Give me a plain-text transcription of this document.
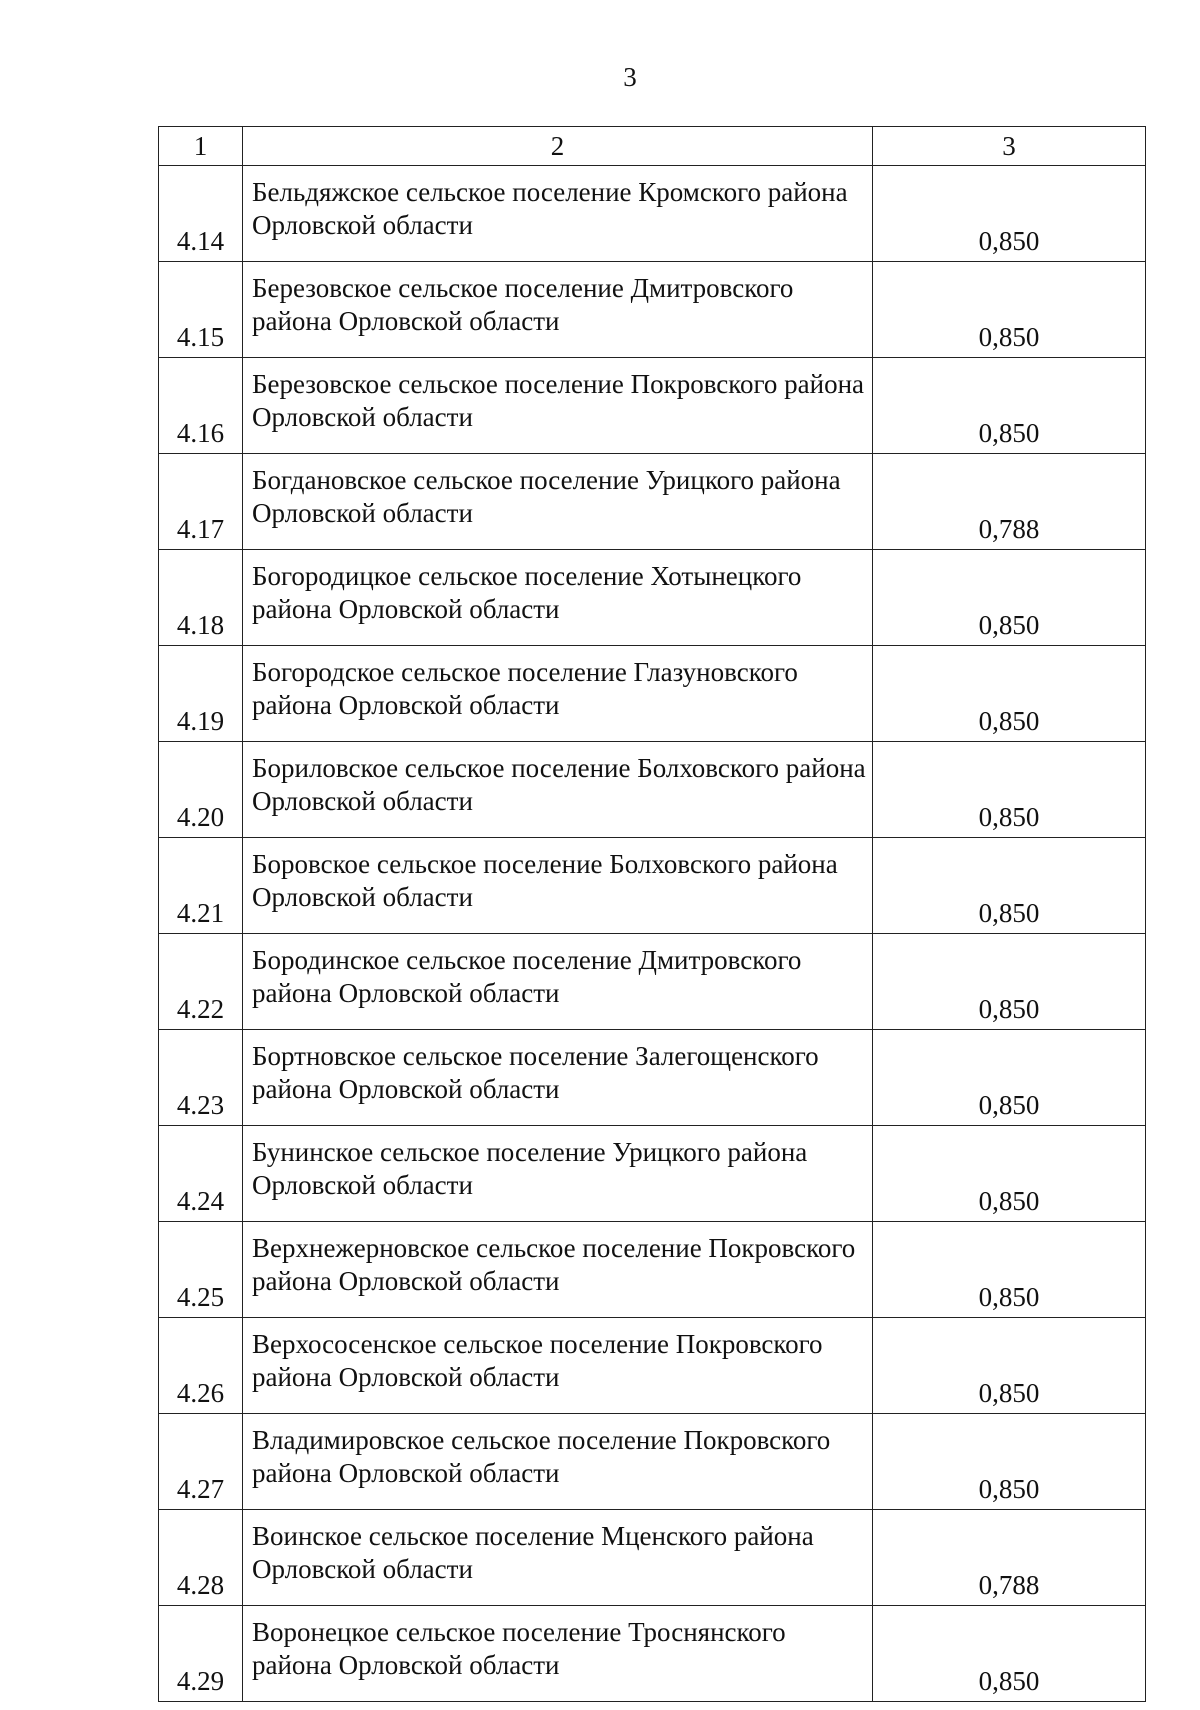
3
1	2	3
4.14	Бельдяжское сельское поселение Кромского района Орловской области	0,850
4.15	Березовское сельское поселение Дмитровского района Орловской области	0,850
4.16	Березовское сельское поселение Покровского района Орловской области	0,850
4.17	Богдановское сельское поселение Урицкого района Орловской области	0,788
4.18	Богородицкое сельское поселение Хотынецкого района Орловской области	0,850
4.19	Богородское сельское поселение Глазуновского района Орловской области	0,850
4.20	Бориловское сельское поселение Болховского района Орловской области	0,850
4.21	Боровское сельское поселение Болховского района Орловской области	0,850
4.22	Бородинское сельское поселение Дмитровского района Орловской области	0,850
4.23	Бортновское сельское поселение Залегощенского района Орловской области	0,850
4.24	Бунинское сельское поселение Урицкого района Орловской области	0,850
4.25	Верхнежерновское сельское поселение Покровского района Орловской области	0,850
4.26	Верхососенское сельское поселение Покровского района Орловской области	0,850
4.27	Владимировское сельское поселение Покровского района Орловской области	0,850
4.28	Воинское сельское поселение Мценского района Орловской области	0,788
4.29	Воронецкое сельское поселение Троснянского района Орловской области	0,850
